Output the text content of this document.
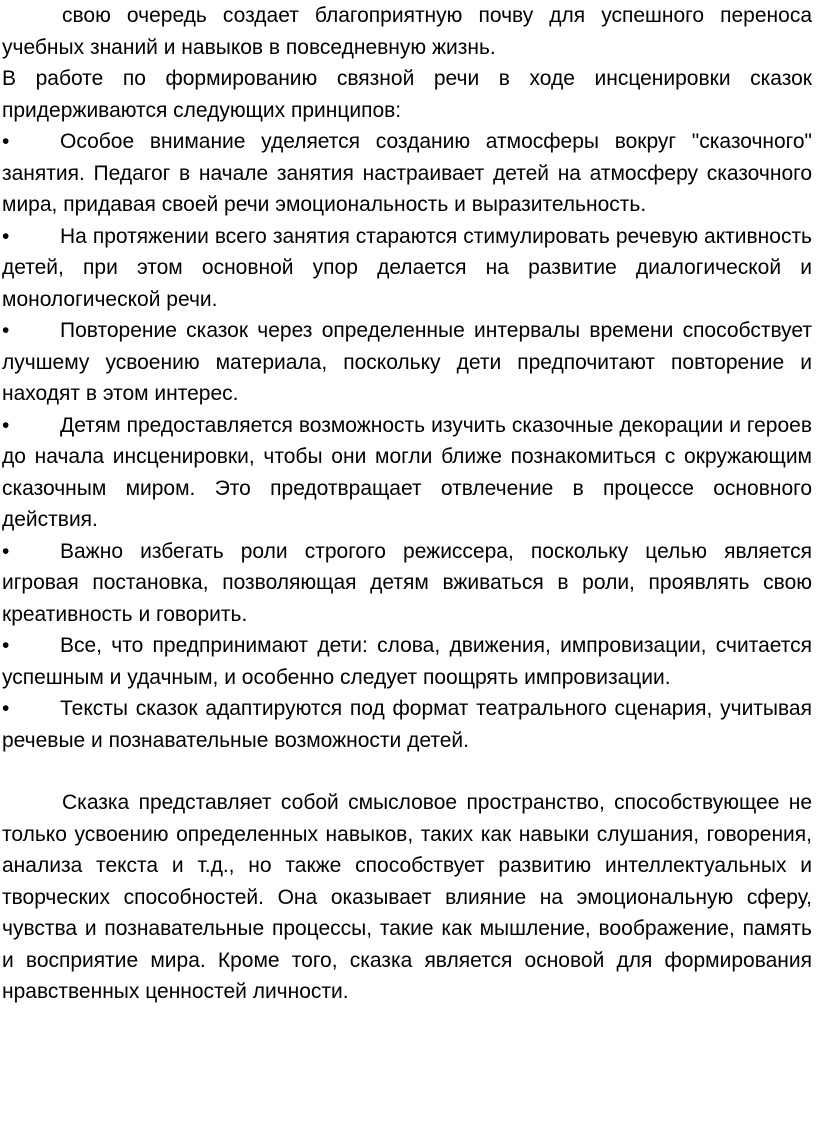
свою очередь создает благоприятную почву для успешного переноса учебных знаний и навыков в повседневную жизнь.

В работе по формированию связной речи в ходе инсценировки сказок придерживаются следующих принципов:

• Особое внимание уделяется созданию атмосферы вокруг "сказочного" занятия. Педагог в начале занятия настраивает детей на атмосферу сказочного мира, придавая своей речи эмоциональность и выразительность.

• На протяжении всего занятия стараются стимулировать речевую активность детей, при этом основной упор делается на развитие диалогической и монологической речи.

• Повторение сказок через определенные интервалы времени способствует лучшему усвоению материала, поскольку дети предпочитают повторение и находят в этом интерес.

• Детям предоставляется возможность изучить сказочные декорации и героев до начала инсценировки, чтобы они могли ближе познакомиться с окружающим сказочным миром. Это предотвращает отвлечение в процессе основного действия.

• Важно избегать роли строгого режиссера, поскольку целью является игровая постановка, позволяющая детям вживаться в роли, проявлять свою креативность и говорить.

• Все, что предпринимают дети: слова, движения, импровизации, считается успешным и удачным, и особенно следует поощрять импровизации.

• Тексты сказок адаптируются под формат театрального сценария, учитывая речевые и познавательные возможности детей.

Сказка представляет собой смысловое пространство, способствующее не только усвоению определенных навыков, таких как навыки слушания, говорения, анализа текста и т.д., но также способствует развитию интеллектуальных и творческих способностей. Она оказывает влияние на эмоциональную сферу, чувства и познавательные процессы, такие как мышление, воображение, память и восприятие мира. Кроме того, сказка является основой для формирования нравственных ценностей личности.
